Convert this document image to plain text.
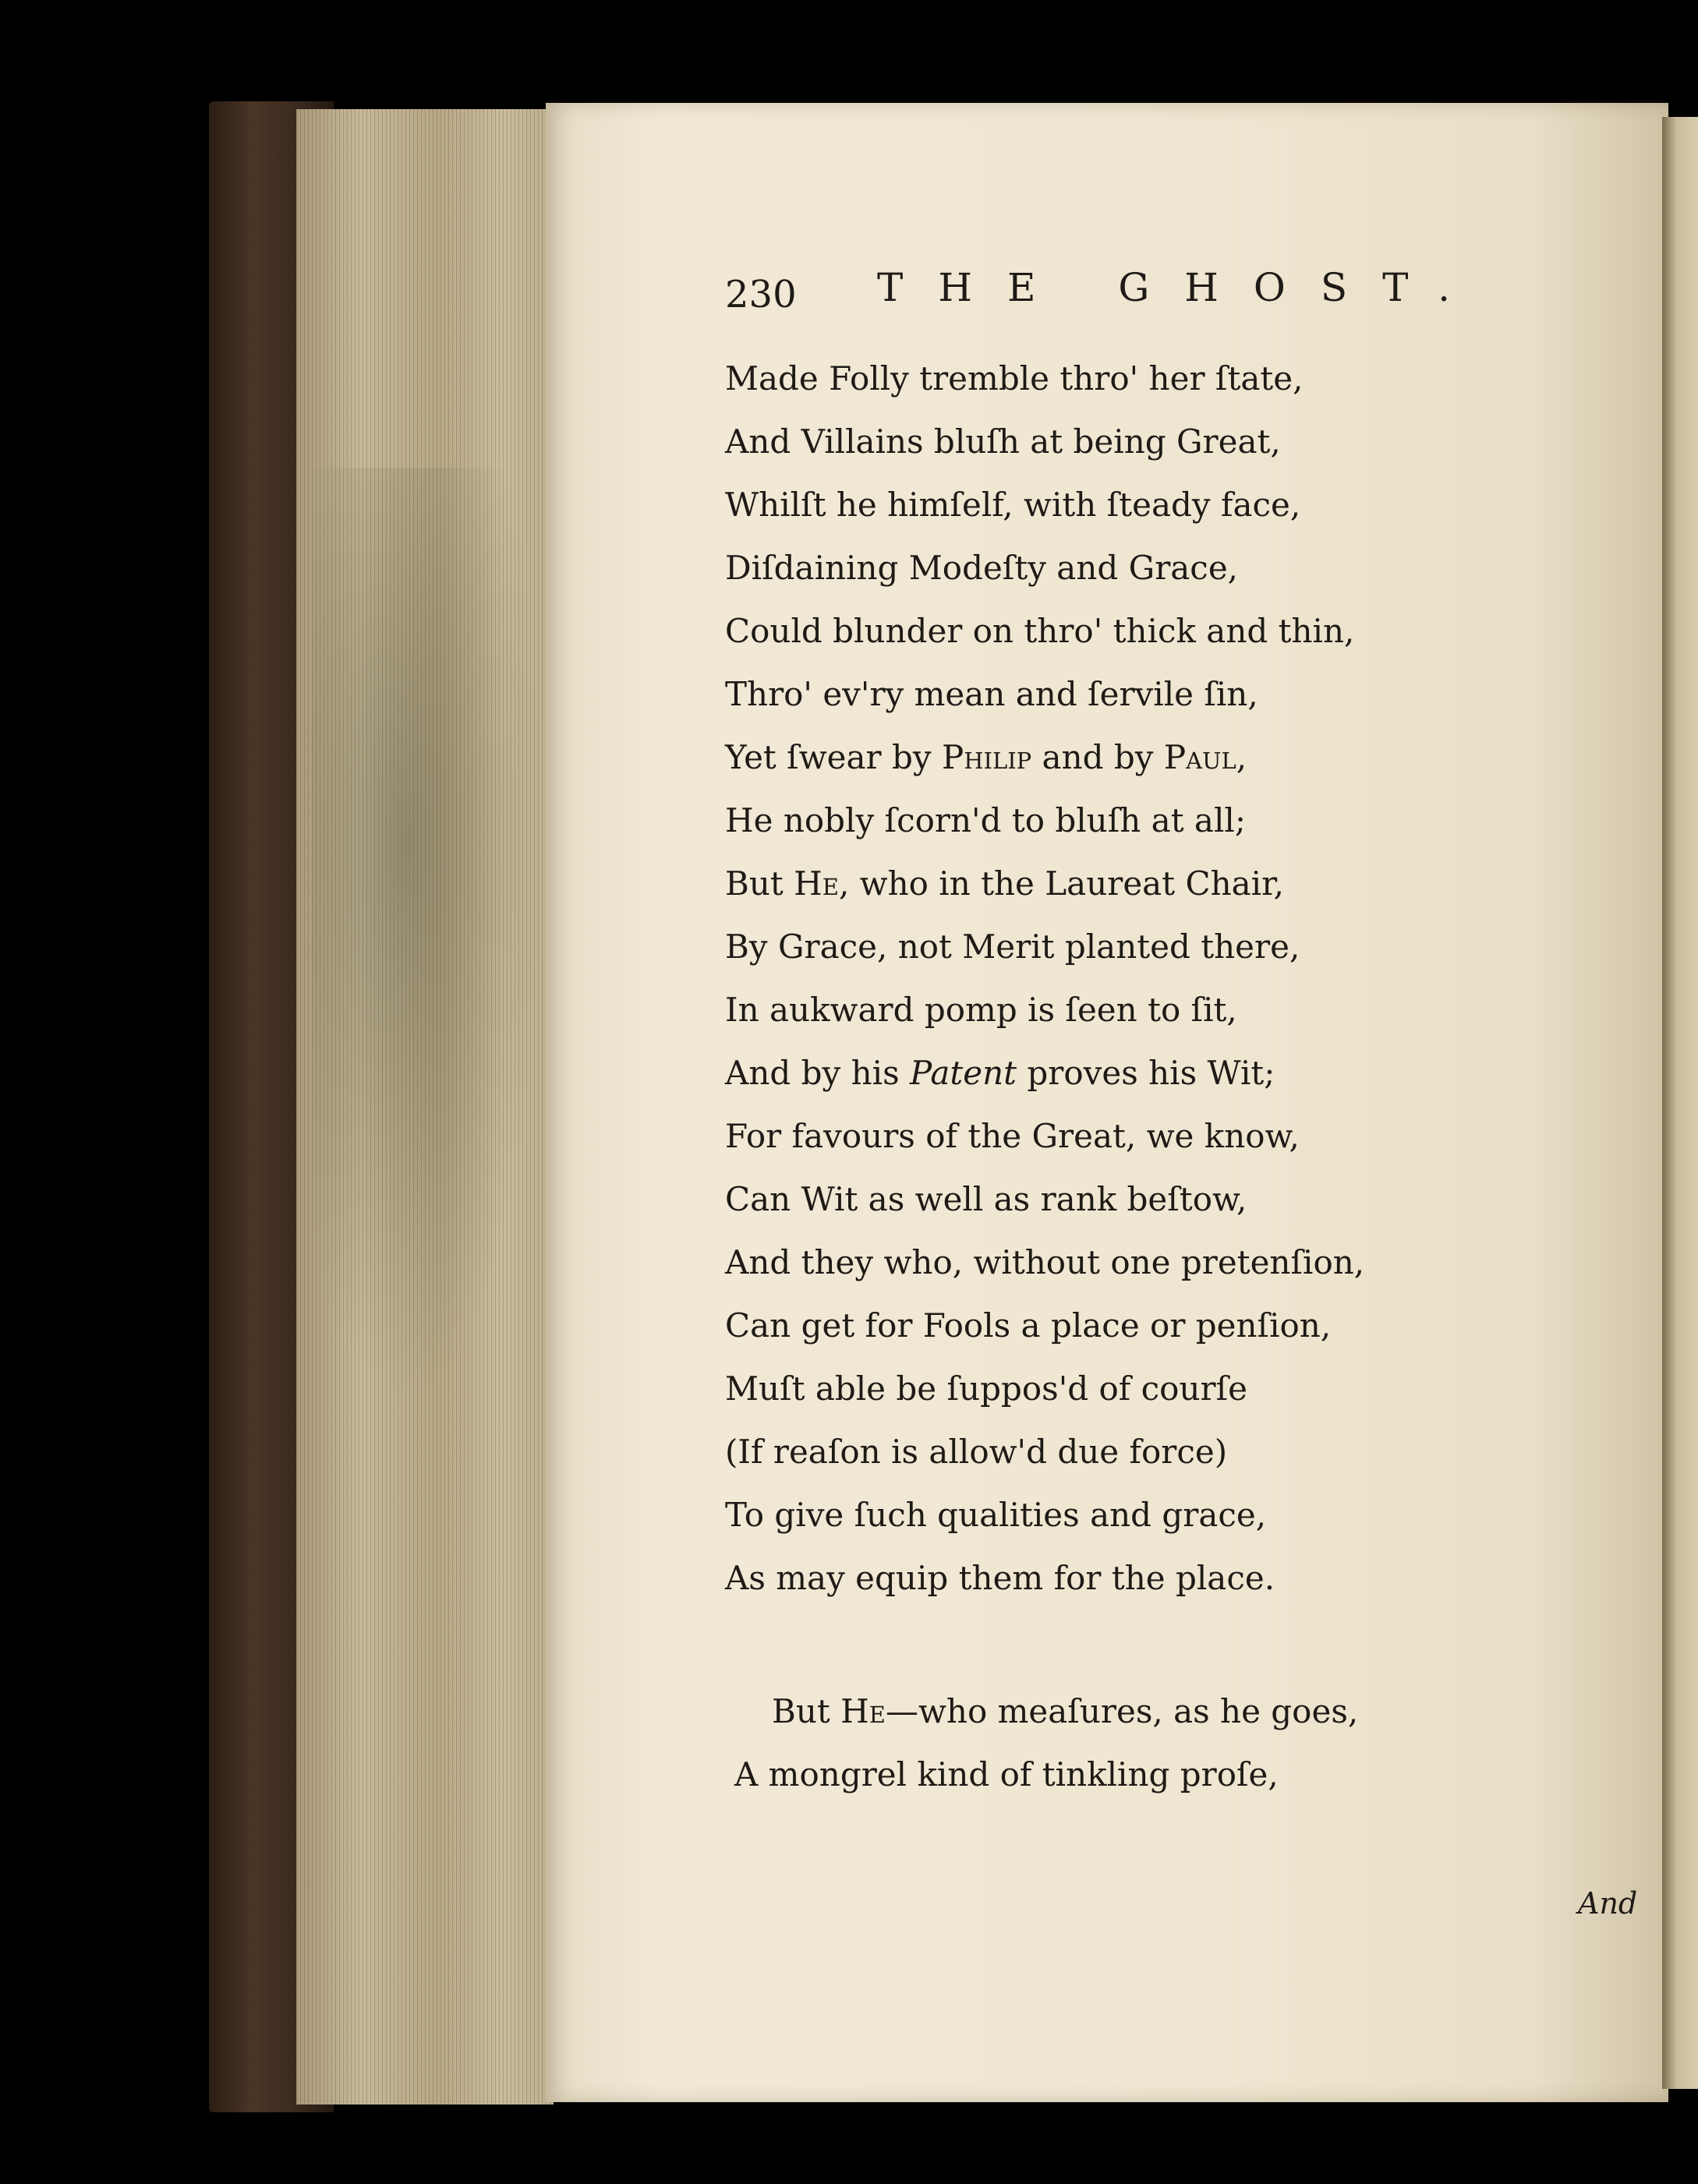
230 THE GHOST.
Made Folly tremble thro' her ſtate,
And Villains bluſh at being Great,
Whilſt he himſelf, with ſteady face,
Diſdaining Modeſty and Grace,
Could blunder on thro' thick and thin,
Thro' ev'ry mean and ſervile ſin,
Yet ſwear by Philip and by Paul,
He nobly ſcorn'd to bluſh at all;
But He, who in the Laureat Chair,
By Grace, not Merit planted there,
In aukward pomp is ſeen to ſit,
And by his Patent proves his Wit;
For favours of the Great, we know,
Can Wit as well as rank beſtow,
And they who, without one pretenſion,
Can get for Fools a place or penſion,
Muſt able be ſuppos'd of courſe
(If reaſon is allow'd due force)
To give ſuch qualities and grace,
As may equip them for the place.
But He—who meaſures, as he goes,
A mongrel kind of tinkling proſe,
And
